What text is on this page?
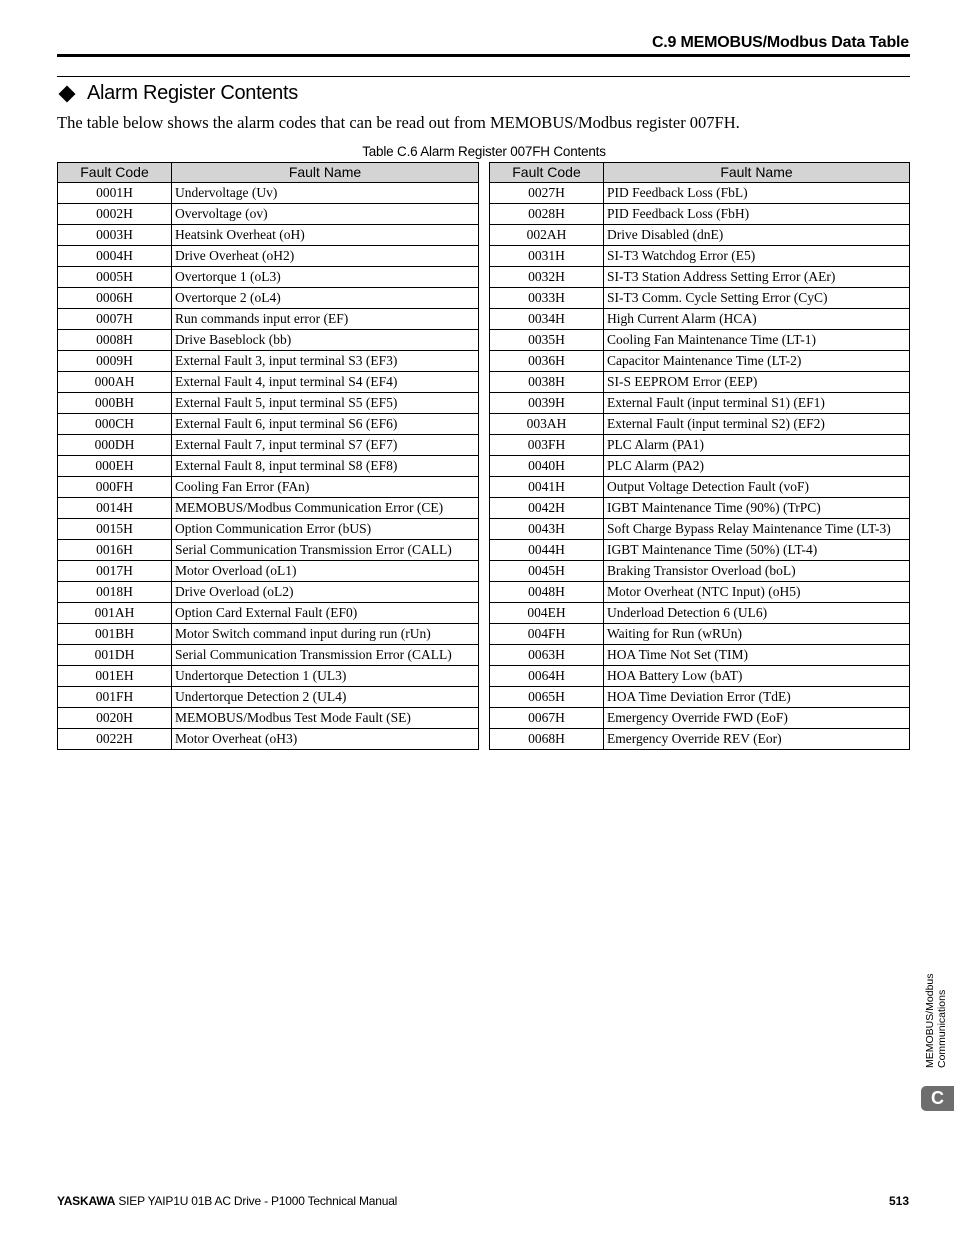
C.9 MEMOBUS/Modbus Data Table
Alarm Register Contents
The table below shows the alarm codes that can be read out from MEMOBUS/Modbus register 007FH.
Table C.6 Alarm Register 007FH Contents
Fault Code	Fault Name
0001H	Undervoltage (Uv)
0002H	Overvoltage (ov)
0003H	Heatsink Overheat (oH)
0004H	Drive Overheat (oH2)
0005H	Overtorque 1 (oL3)
0006H	Overtorque 2 (oL4)
0007H	Run commands input error (EF)
0008H	Drive Baseblock (bb)
0009H	External Fault 3, input terminal S3 (EF3)
000AH	External Fault 4, input terminal S4 (EF4)
000BH	External Fault 5, input terminal S5 (EF5)
000CH	External Fault 6, input terminal S6 (EF6)
000DH	External Fault 7, input terminal S7 (EF7)
000EH	External Fault 8, input terminal S8 (EF8)
000FH	Cooling Fan Error (FAn)
0014H	MEMOBUS/Modbus Communication Error (CE)
0015H	Option Communication Error (bUS)
0016H	Serial Communication Transmission Error (CALL)
0017H	Motor Overload (oL1)
0018H	Drive Overload (oL2)
001AH	Option Card External Fault (EF0)
001BH	Motor Switch command input during run (rUn)
001DH	Serial Communication Transmission Error (CALL)
001EH	Undertorque Detection 1 (UL3)
001FH	Undertorque Detection 2 (UL4)
0020H	MEMOBUS/Modbus Test Mode Fault (SE)
0022H	Motor Overheat (oH3)
Fault Code	Fault Name
0027H	PID Feedback Loss (FbL)
0028H	PID Feedback Loss (FbH)
002AH	Drive Disabled (dnE)
0031H	SI-T3 Watchdog Error (E5)
0032H	SI-T3 Station Address Setting Error (AEr)
0033H	SI-T3 Comm. Cycle Setting Error (CyC)
0034H	High Current Alarm (HCA)
0035H	Cooling Fan Maintenance Time (LT-1)
0036H	Capacitor Maintenance Time (LT-2)
0038H	SI-S EEPROM Error (EEP)
0039H	External Fault (input terminal S1) (EF1)
003AH	External Fault (input terminal S2) (EF2)
003FH	PLC Alarm (PA1)
0040H	PLC Alarm (PA2)
0041H	Output Voltage Detection Fault (voF)
0042H	IGBT Maintenance Time (90%) (TrPC)
0043H	Soft Charge Bypass Relay Maintenance Time (LT-3)
0044H	IGBT Maintenance Time (50%) (LT-4)
0045H	Braking Transistor Overload (boL)
0048H	Motor Overheat (NTC Input) (oH5)
004EH	Underload Detection 6 (UL6)
004FH	Waiting for Run (wRUn)
0063H	HOA Time Not Set (TIM)
0064H	HOA Battery Low (bAT)
0065H	HOA Time Deviation Error (TdE)
0067H	Emergency Override FWD (EoF)
0068H	Emergency Override REV (Eor)
MEMOBUS/Modbus Communications
C
YASKAWA SIEP YAIP1U 01B AC Drive - P1000 Technical Manual	513
